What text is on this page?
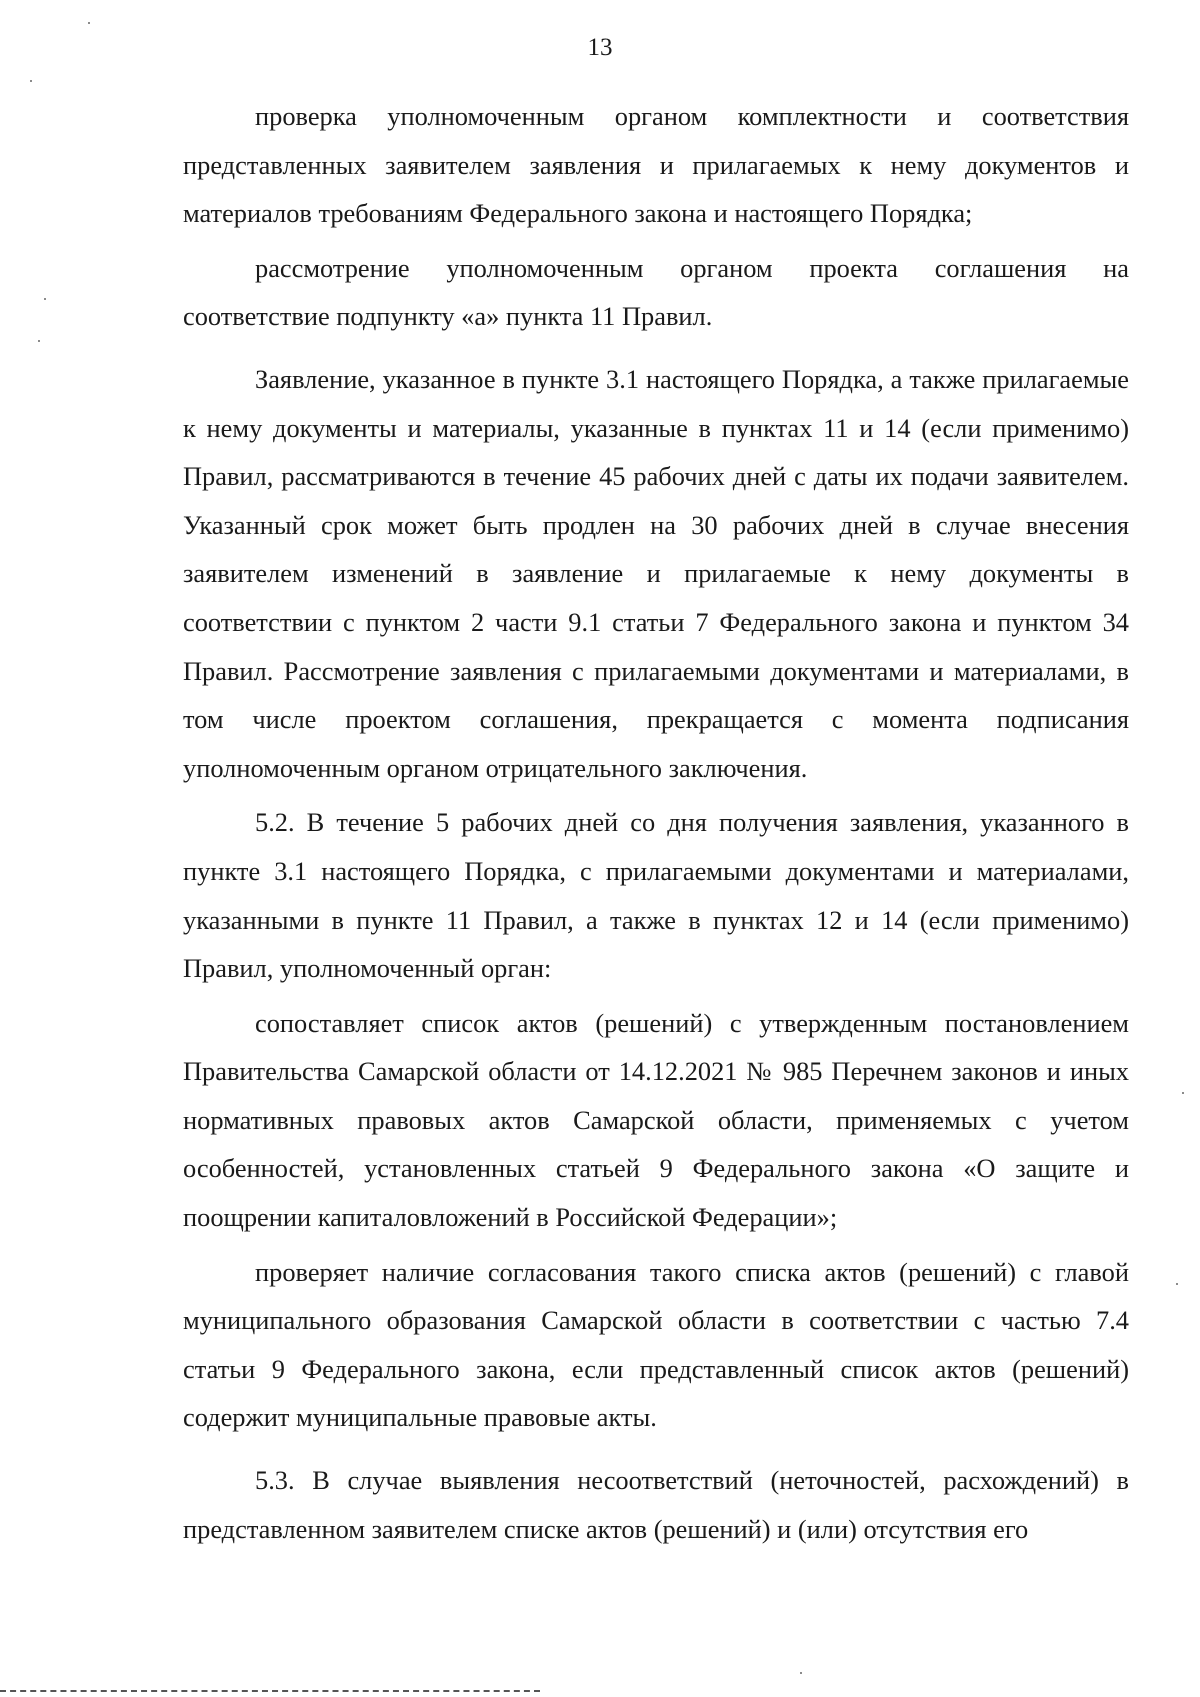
13

проверка уполномоченным органом комплектности и соответствия представленных заявителем заявления и прилагаемых к нему документов и материалов требованиям Федерального закона и настоящего Порядка;

рассмотрение уполномоченным органом проекта соглашения на соответствие подпункту «а» пункта 11 Правил.

Заявление, указанное в пункте 3.1 настоящего Порядка, а также прилагаемые к нему документы и материалы, указанные в пунктах 11 и 14 (если применимо) Правил, рассматриваются в течение 45 рабочих дней с даты их подачи заявителем. Указанный срок может быть продлен на 30 рабочих дней в случае внесения заявителем изменений в заявление и прилагаемые к нему документы в соответствии с пунктом 2 части 9.1 статьи 7 Федерального закона и пунктом 34 Правил. Рассмотрение заявления с прилагаемыми документами и материалами, в том числе проектом соглашения, прекращается с момента подписания уполномоченным органом отрицательного заключения.

5.2. В течение 5 рабочих дней со дня получения заявления, указанного в пункте 3.1 настоящего Порядка, с прилагаемыми документами и материалами, указанными в пункте 11 Правил, а также в пунктах 12 и 14 (если применимо) Правил, уполномоченный орган:

сопоставляет список актов (решений) с утвержденным постановлением Правительства Самарской области от 14.12.2021 № 985 Перечнем законов и иных нормативных правовых актов Самарской области, применяемых с учетом особенностей, установленных статьей 9 Федерального закона «О защите и поощрении капиталовложений в Российской Федерации»;

проверяет наличие согласования такого списка актов (решений) с главой муниципального образования Самарской области в соответствии с частью 7.4 статьи 9 Федерального закона, если представленный список актов (решений) содержит муниципальные правовые акты.

5.3. В случае выявления несоответствий (неточностей, расхождений) в представленном заявителем списке актов (решений) и (или) отсутствия его
